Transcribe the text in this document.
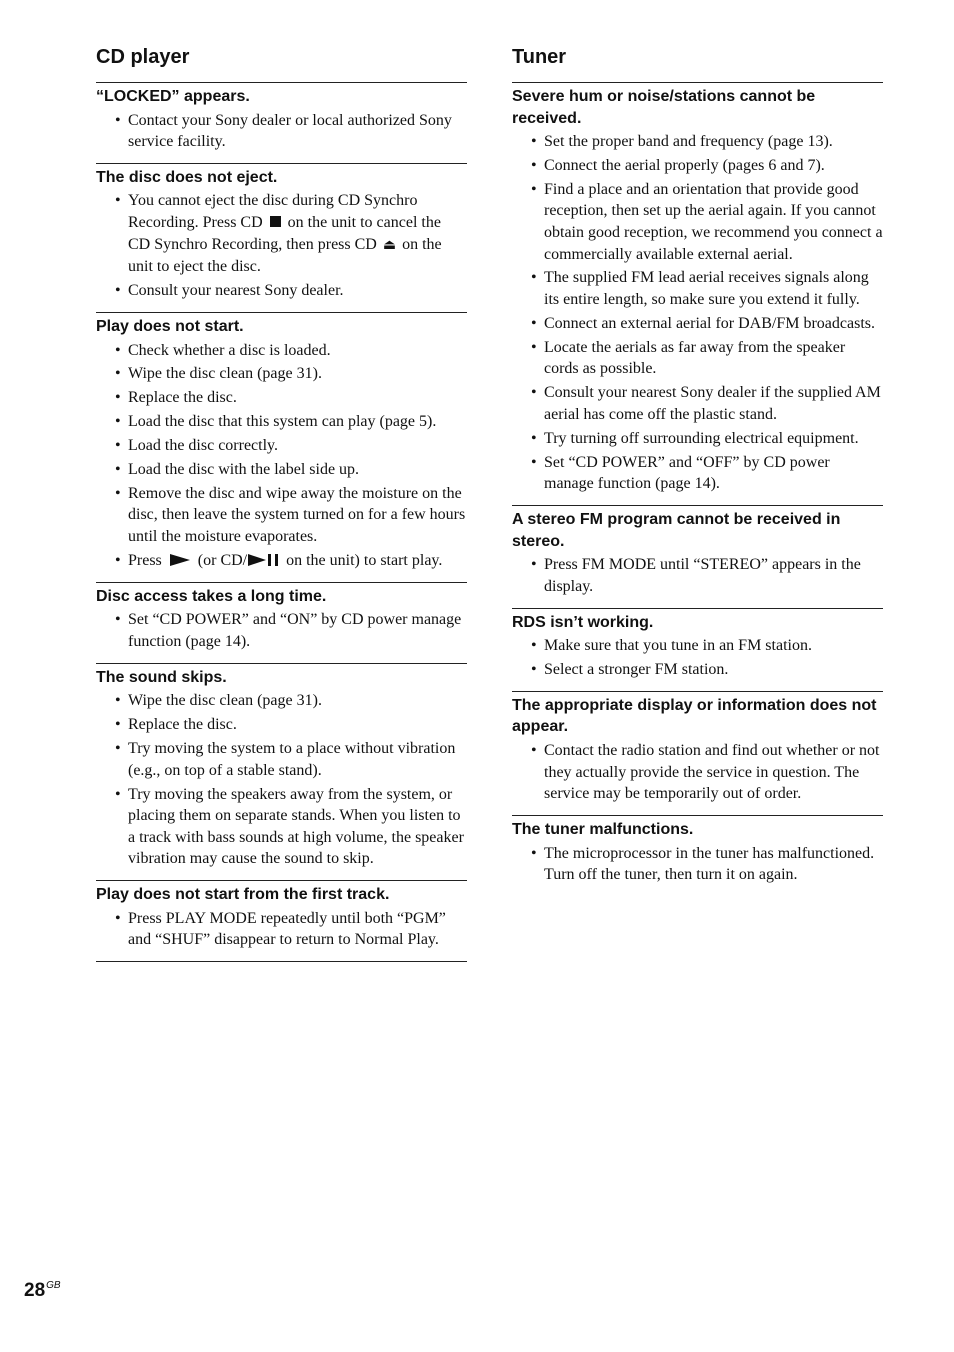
CD player
“LOCKED” appears.
• Contact your Sony dealer or local authorized Sony service facility.
The disc does not eject.
• You cannot eject the disc during CD Synchro Recording. Press CD  on the unit to cancel the CD Synchro Recording, then press CD ⏏ on the unit to eject the disc.
• Consult your nearest Sony dealer.
Play does not start.
• Check whether a disc is loaded.
• Wipe the disc clean (page 31).
• Replace the disc.
• Load the disc that this system can play (page 5).
• Load the disc correctly.
• Load the disc with the label side up.
• Remove the disc and wipe away the moisture on the disc, then leave the system turned on for a few hours until the moisture evaporates.
• Press  (or CD/ on the unit) to start play.
Disc access takes a long time.
• Set “CD POWER” and “ON” by CD power manage function (page 14).
The sound skips.
• Wipe the disc clean (page 31).
• Replace the disc.
• Try moving the system to a place without vibration (e.g., on top of a stable stand).
• Try moving the speakers away from the system, or placing them on separate stands. When you listen to a track with bass sounds at high volume, the speaker vibration may cause the sound to skip.
Play does not start from the first track.
• Press PLAY MODE repeatedly until both “PGM” and “SHUF” disappear to return to Normal Play.
Tuner
Severe hum or noise/stations cannot be received.
• Set the proper band and frequency (page 13).
• Connect the aerial properly (pages 6 and 7).
• Find a place and an orientation that provide good reception, then set up the aerial again. If you cannot obtain good reception, we recommend you connect a commercially available external aerial.
• The supplied FM lead aerial receives signals along its entire length, so make sure you extend it fully.
• Connect an external aerial for DAB/FM broadcasts.
• Locate the aerials as far away from the speaker cords as possible.
• Consult your nearest Sony dealer if the supplied AM aerial has come off the plastic stand.
• Try turning off surrounding electrical equipment.
• Set “CD POWER” and “OFF” by CD power manage function (page 14).
A stereo FM program cannot be received in stereo.
• Press FM MODE until “STEREO” appears in the display.
RDS isn’t working.
• Make sure that you tune in an FM station.
• Select a stronger FM station.
The appropriate display or information does not appear.
• Contact the radio station and find out whether or not they actually provide the service in question. The service may be temporarily out of order.
The tuner malfunctions.
• The microprocessor in the tuner has malfunctioned. Turn off the tuner, then turn it on again.
$28^{GB}$
